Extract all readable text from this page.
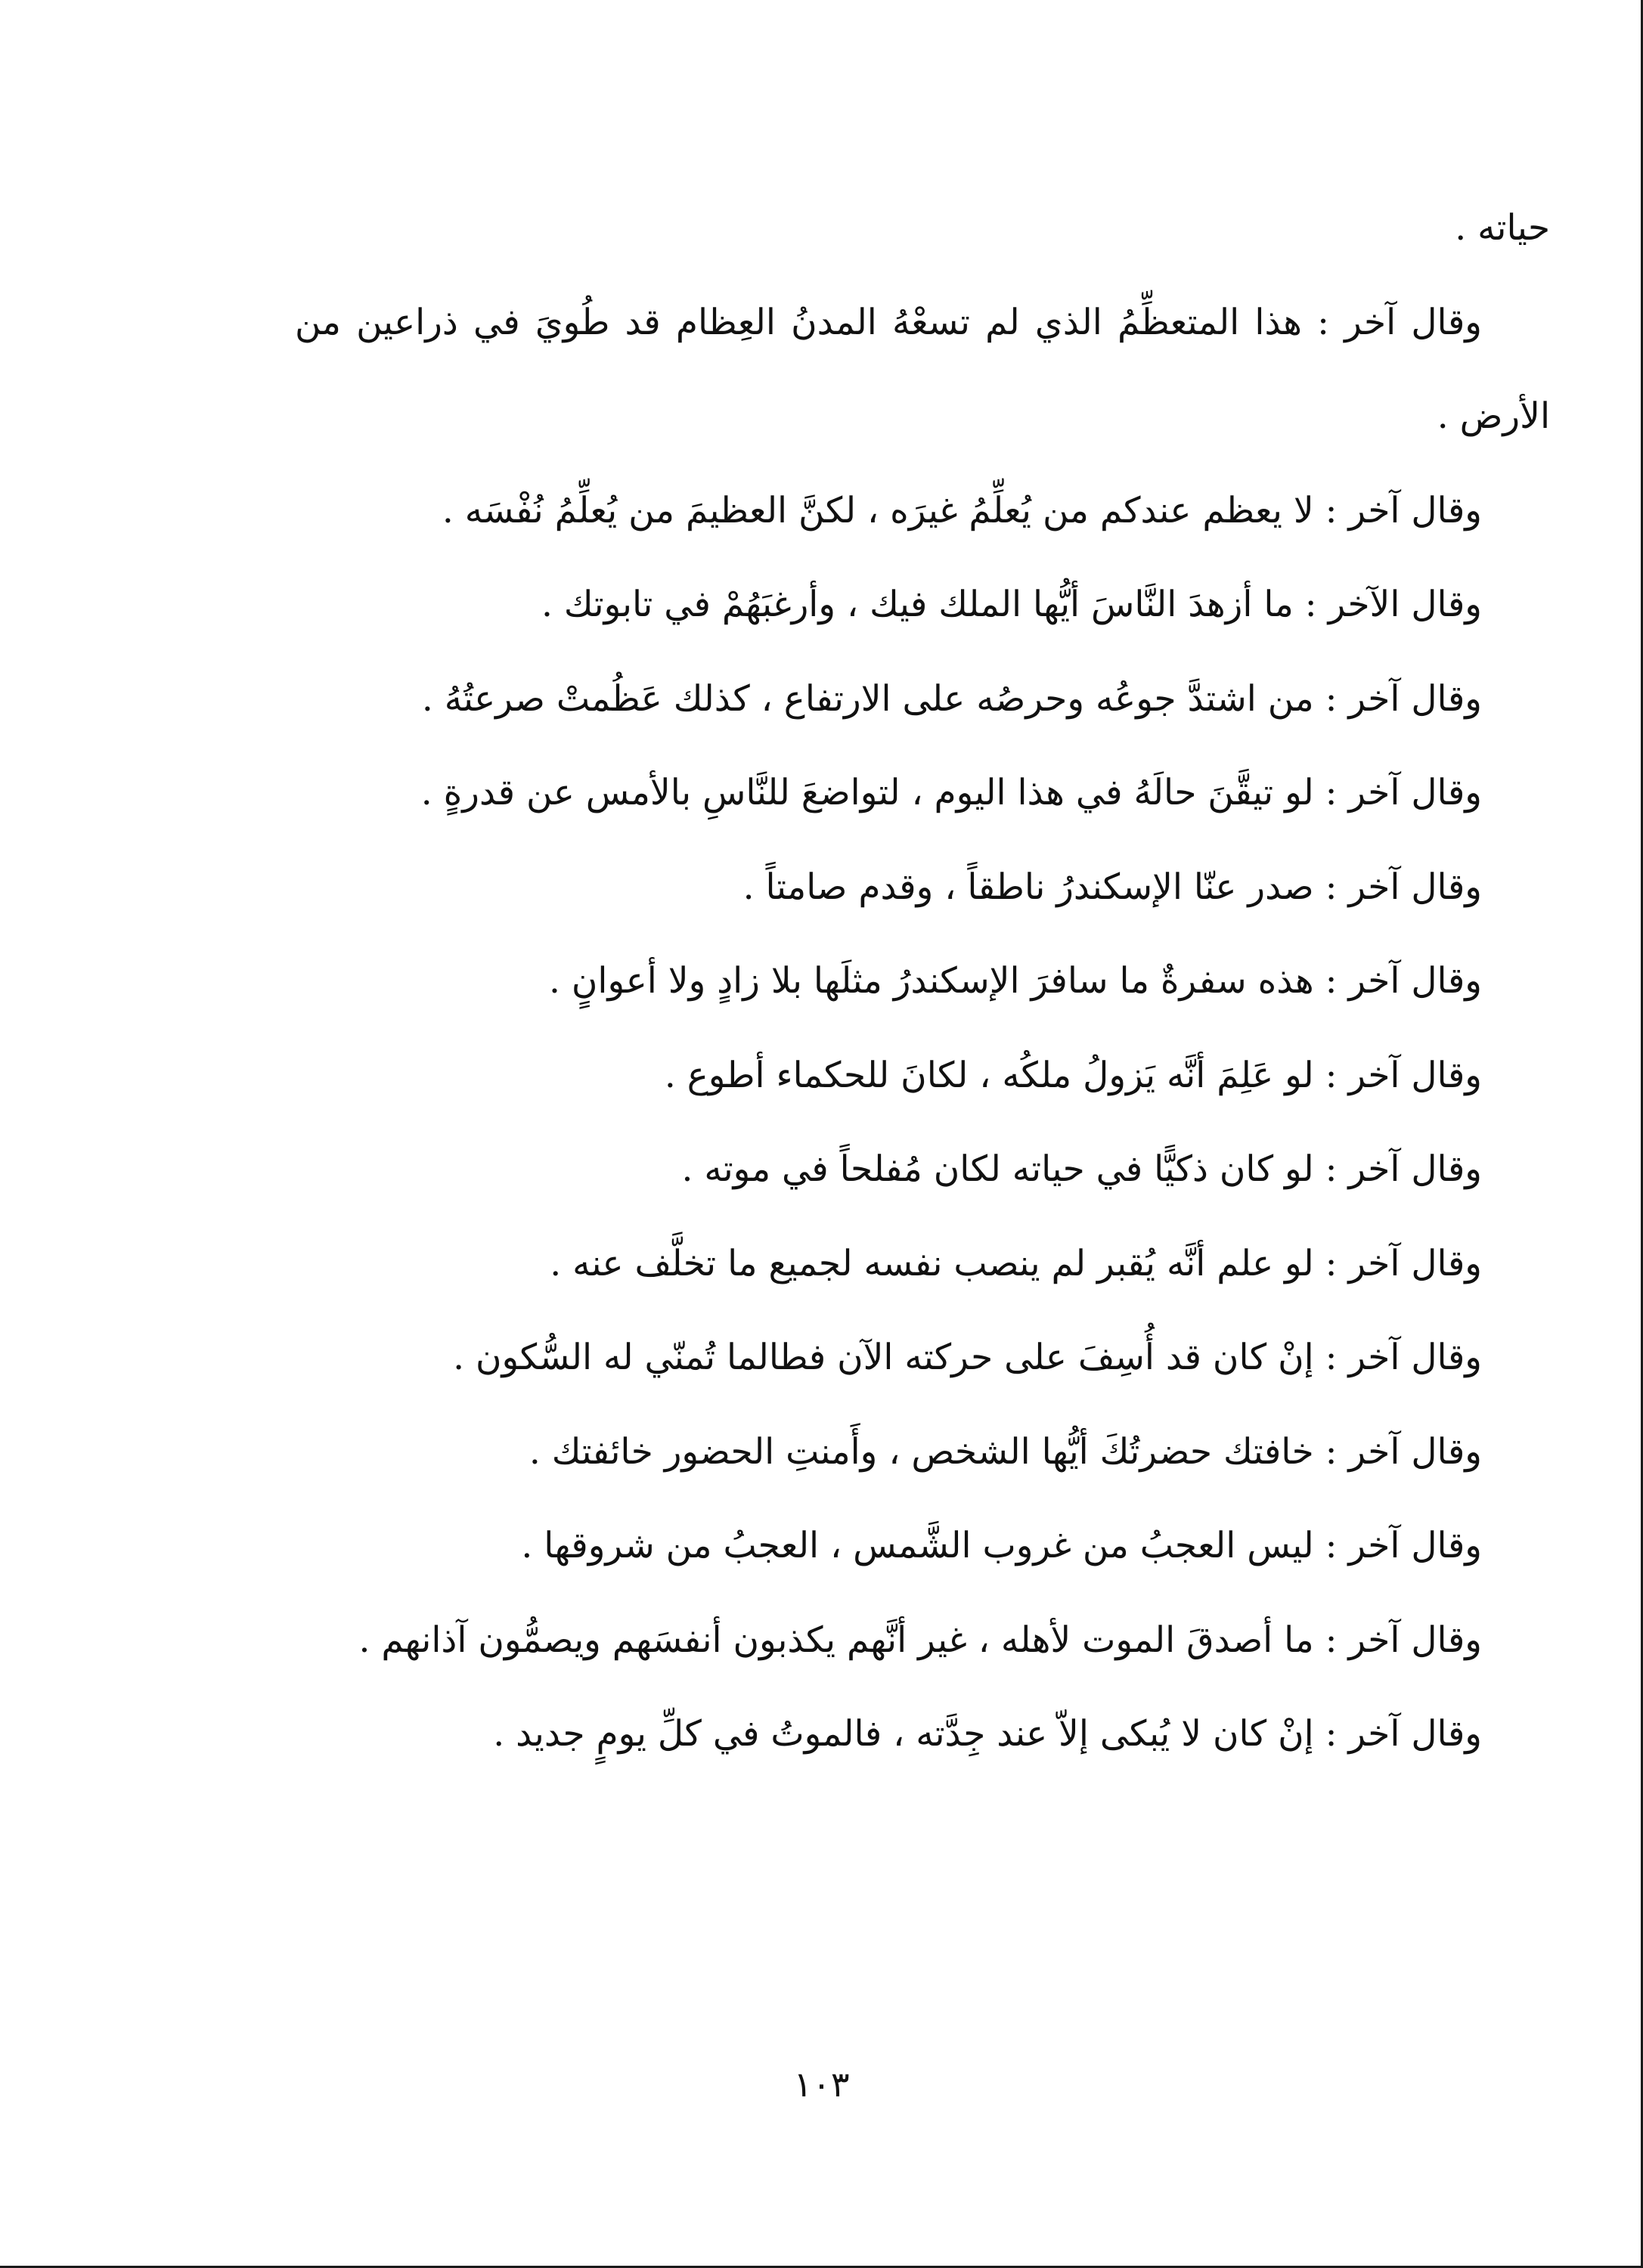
حياته .

وقال آخر : هذا المتعظِّمُ الذي لم تسعْهُ المدنُ العِظام قد طُويَ في ذراعين من الأرض .

وقال آخر : لا يعظم عندكم من يُعلِّمُ غيرَه ، لكنَّ العظيمَ من يُعلِّمُ نُفْسَه .

وقال الآخر : ما أزهدَ النَّاسَ أيُّها الملك فيك ، وأرغبَهُمْ في تابوتك .

وقال آخر : من اشتدَّ جوعُه وحرصُه على الارتفاع ، كذلك عَظُمتْ صرعتُهُ .

وقال آخر : لو تيقَّنَ حالَهُ في هذا اليوم ، لتواضعَ للنَّاسِ بالأمس عن قدرةٍ .

وقال آخر : صدر عنّا الإسكندرُ ناطقاً ، وقدم صامتاً .

وقال آخر : هذه سفرةٌ ما سافرَ الإسكندرُ مثلَها بلا زادٍ ولا أعوانٍ .

وقال آخر : لو عَلِمَ أنَّه يَزولُ ملكُه ، لكانَ للحكماء أطوع .

وقال آخر : لو كان ذكيًّا في حياته لكان مُفلحاً في موته .

وقال آخر : لو علم أنَّه يُقبر لم ينصب نفسه لجميع ما تخلَّف عنه .

وقال آخر : إنْ كان قد أُسِفَ على حركته الآن فطالما تُمنّي له السُّكون .

وقال آخر : خافتك حضرتُكَ أيُّها الشخص ، وأَمنتِ الحضور خائفتك .

وقال آخر : ليس العجبُ من غروب الشَّمس ، العجبُ من شروقها .

وقال آخر : ما أصدقَ الموت لأهله ، غير أنَّهم يكذبون أنفسَهم ويصمُّون آذانهم .

وقال آخر : إنْ كان لا يُبكى إلاّ عند جِدَّته ، فالموتُ في كلِّ يومٍ جديد .

١٠٣
